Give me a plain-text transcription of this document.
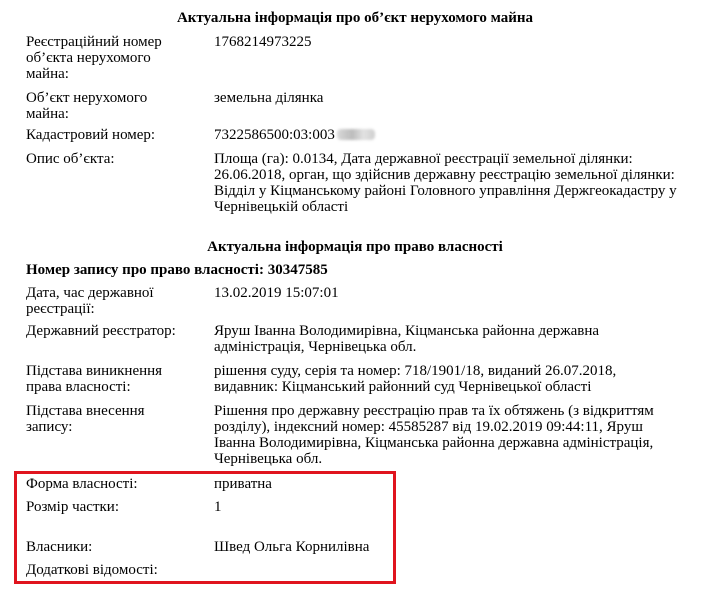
Актуальна інформація про об’єкт нерухомого майна
Реєстраційний номер об’єкта нерухомого майна:
1768214973225
Об’єкт нерухомого майна:
земельна ділянка
Кадастровий номер:	7322586500:03:003
Опис об’єкта:	Площа (га): 0.0134, Дата державної реєстрації земельної ділянки: 26.06.2018, орган, що здійснив державну реєстрацію земельної ділянки: Відділ у Кіцманському районі Головного управління Держгеокадастру у Чернівецькій області
Актуальна інформація про право власності
Номер запису про право власності: 30347585
Дата, час державної реєстрації:
13.02.2019 15:07:01
Державний реєстратор:	Яруш Іванна Володимирівна, Кіцманська районна державна адміністрація, Чернівецька обл.
Підстава виникнення права власності:
рішення суду, серія та номер: 718/1901/18, виданий 26.07.2018, видавник: Кіцманський районний суд Чернівецької області
Підстава внесення запису:
Рішення про державну реєстрацію прав та їх обтяжень (з відкриттям розділу), індексний номер: 45585287 від 19.02.2019 09:44:11, Яруш Іванна Володимирівна, Кіцманська районна державна адміністрація, Чернівецька обл.
Форма власності:	приватна
Розмір частки:	1
Власники:	Швед Ольга Корнилівна
Додаткові відомості:
